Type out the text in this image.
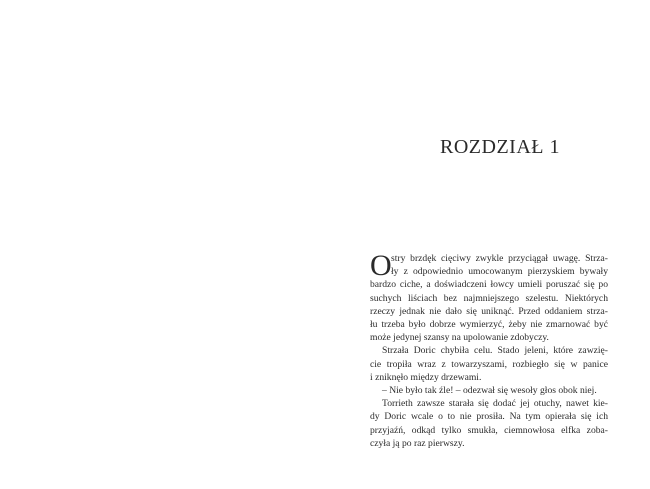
ROZDZIAŁ 1
O stry brzdęk cięciwy zwykle przyciągał uwagę. Strza-
ły z odpowiednio umocowanym pierzyskiem bywały
bardzo ciche, a doświadczeni łowcy umieli poruszać się po
suchych liściach bez najmniejszego szelestu. Niektórych
rzeczy jednak nie dało się uniknąć. Przed oddaniem strza-
łu trzeba było dobrze wymierzyć, żeby nie zmarnować być
może jedynej szansy na upolowanie zdobyczy.
Strzała Doric chybiła celu. Stado jeleni, które zawzię-
cie tropiła wraz z towarzyszami, rozbiegło się w panice
i zniknęło między drzewami.
– Nie było tak źle! – odezwał się wesoły głos obok niej.
Torrieth zawsze starała się dodać jej otuchy, nawet kie-
dy Doric wcale o to nie prosiła. Na tym opierała się ich
przyjaźń, odkąd tylko smukła, ciemnowłosa elfka zoba-
czyła ją po raz pierwszy.
